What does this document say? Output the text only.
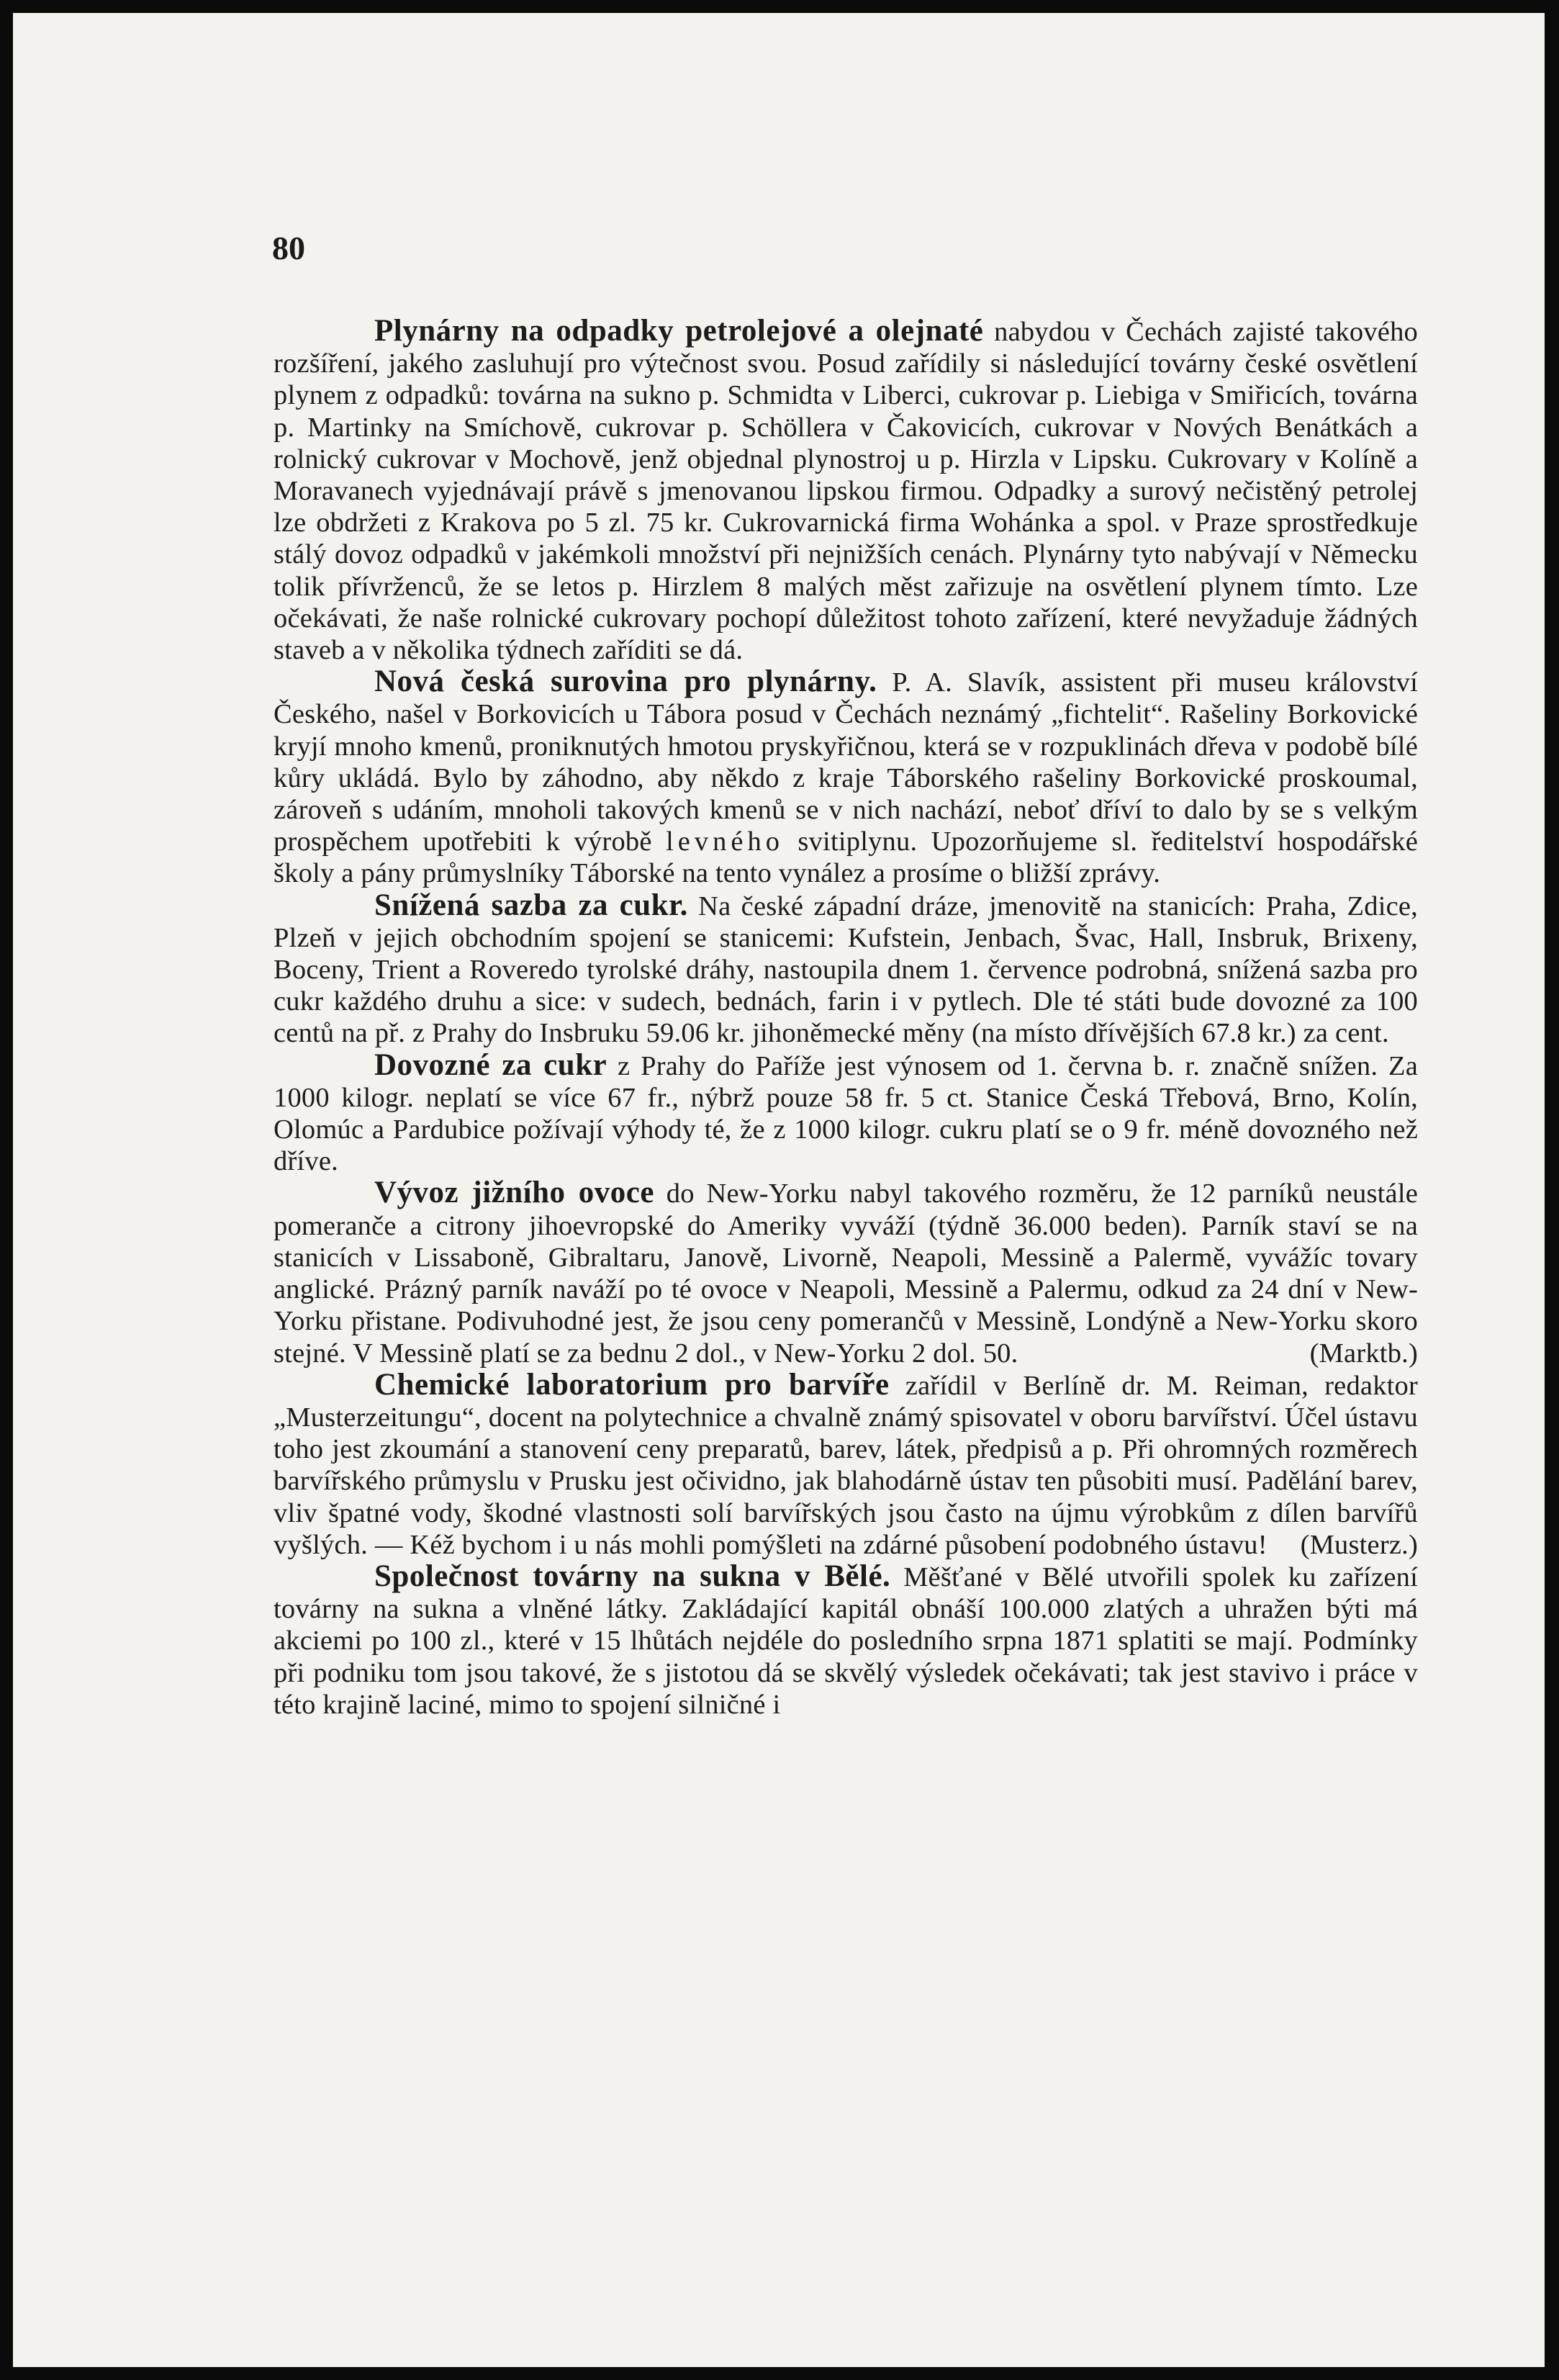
80

Plynárny na odpadky petrolejové a olejnaté nabydou v Čechách zajisté takového rozšíření, jakého zasluhují pro výtečnost svou. Posud zařídily si následující továrny české osvětlení plynem z odpadků: továrna na sukno p. Schmidta v Liberci, cukrovar p. Liebiga v Smiřicích, továrna p. Martinky na Smíchově, cukrovar p. Schöllera v Čakovicích, cukrovar v Nových Benátkách a rolnický cukrovar v Mochově, jenž objednal plynostroj u p. Hirzla v Lipsku. Cukrovary v Kolíně a Moravanech vyjednávají právě s jmenovanou lipskou firmou. Odpadky a surový nečistěný petrolej lze obdržeti z Krakova po 5 zl. 75 kr. Cukrovarnická firma Wohánka a spol. v Praze sprostředkuje stálý dovoz odpadků v jakémkoli množství při nejnižších cenách. Plynárny tyto nabývají v Německu tolik přívrženců, že se letos p. Hirzlem 8 malých měst zařizuje na osvětlení plynem tímto. Lze očekávati, že naše rolnické cukrovary pochopí důležitost tohoto zařízení, které nevyžaduje žádných staveb a v několika týdnech zaříditi se dá.

Nová česká surovina pro plynárny. P. A. Slavík, assistent při museu království Českého, našel v Borkovicích u Tábora posud v Čechách neznámý „fichtelit“. Rašeliny Borkovické kryjí mnoho kmenů, proniknutých hmotou pryskyřičnou, která se v rozpuklinách dřeva v podobě bílé kůry ukládá. Bylo by záhodno, aby někdo z kraje Táborského rašeliny Borkovické proskoumal, zároveň s udáním, mnoholi takových kmenů se v nich nachází, neboť dříví to dalo by se s velkým prospěchem upotřebiti k výrobě levného svitiplynu. Upozorňujeme sl. ředitelství hospodářské školy a pány průmyslníky Táborské na tento vynález a prosíme o bližší zprávy.

Snížená sazba za cukr. Na české západní dráze, jmenovitě na stanicích: Praha, Zdice, Plzeň v jejich obchodním spojení se stanicemi: Kufstein, Jenbach, Švac, Hall, Insbruk, Brixeny, Boceny, Trient a Roveredo tyrolské dráhy, nastoupila dnem 1. července podrobná, snížená sazba pro cukr každého druhu a sice: v sudech, bednách, farin i v pytlech. Dle té státi bude dovozné za 100 centů na př. z Prahy do Insbruku 59.06 kr. jihoněmecké měny (na místo dřívějších 67.8 kr.) za cent.

Dovozné za cukr z Prahy do Paříže jest výnosem od 1. června b. r. značně snížen. Za 1000 kilogr. neplatí se více 67 fr., nýbrž pouze 58 fr. 5 ct. Stanice Česká Třebová, Brno, Kolín, Olomúc a Pardubice požívají výhody té, že z 1000 kilogr. cukru platí se o 9 fr. méně dovozného než dříve.

Vývoz jižního ovoce do New-Yorku nabyl takového rozměru, že 12 parníků neustále pomeranče a citrony jihoevropské do Ameriky vyváží (týdně 36.000 beden). Parník staví se na stanicích v Lissaboně, Gibraltaru, Janově, Livorně, Neapoli, Messině a Palermě, vyvážíc tovary anglické. Prázný parník naváží po té ovoce v Neapoli, Messině a Palermu, odkud za 24 dní v New-Yorku přistane. Podivuhodné jest, že jsou ceny pomerančů v Messině, Londýně a New-Yorku skoro stejné. V Messině platí se za bednu 2 dol., v New-Yorku 2 dol. 50.	(Marktb.)

Chemické laboratorium pro barvíře zařídil v Berlíně dr. M. Reiman, redaktor „Musterzeitungu“, docent na polytechnice a chvalně známý spisovatel v oboru barvířství. Účel ústavu toho jest zkoumání a stanovení ceny preparatů, barev, látek, předpisů a p. Při ohromných rozměrech barvířského průmyslu v Prusku jest očividno, jak blahodárně ústav ten působiti musí. Padělání barev, vliv špatné vody, škodné vlastnosti solí barvířských jsou často na újmu výrobkům z dílen barvířů vyšlých. — Kéž bychom i u nás mohli pomýšleti na zdárné působení podobného ústavu! (Musterz.)

Společnost továrny na sukna v Bělé. Měšťané v Bělé utvořili spolek ku zařízení továrny na sukna a vlněné látky. Zakládající kapitál obnáší 100.000 zlatých a uhražen býti má akciemi po 100 zl., které v 15 lhůtách nejdéle do posledního srpna 1871 splatiti se mají. Podmínky při podniku tom jsou takové, že s jistotou dá se skvělý výsledek očekávati; tak jest stavivo i práce v této krajině laciné, mimo to spojení silničné i
